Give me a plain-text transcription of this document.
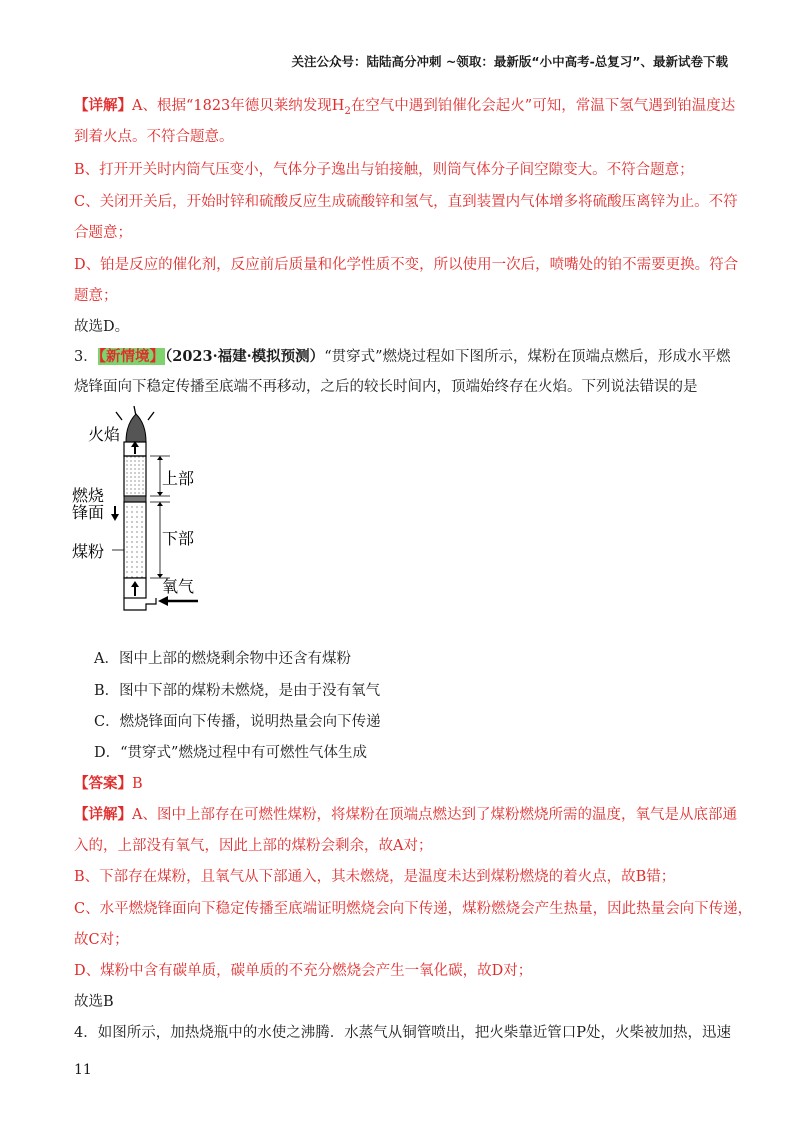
关注公众号：陆陆高分冲刺 ~领取：最新版“小中高考-总复习”、最新试卷下载
【详解】A、根据“1823年德贝莱纳发现$H_2$在空气中遇到铂催化会起火”可知，常温下氢气遇到铂温度达
到着火点。不符合题意。
B、打开开关时内筒气压变小，气体分子逸出与铂接触，则筒气体分子间空隙变大。不符合题意；
C、关闭开关后，开始时锌和硫酸反应生成硫酸锌和氢气，直到装置内气体增多将硫酸压离锌为止。不符
合题意；
D、铂是反应的催化剂，反应前后质量和化学性质不变，所以使用一次后，喷嘴处的铂不需要更换。符合
题意；
故选D。
3．【新情境】（2023·福建·模拟预测）“贯穿式”燃烧过程如下图所示，煤粉在顶端点燃后，形成水平燃
烧锋面向下稳定传播至底端不再移动，之后的较长时间内，顶端始终存在火焰。下列说法错误的是
火焰
上部
燃烧
锋面
下部
煤粉
氧气
A．图中上部的燃烧剩余物中还含有煤粉
B．图中下部的煤粉未燃烧，是由于没有氧气
C．燃烧锋面向下传播，说明热量会向下传递
D．“贯穿式”燃烧过程中有可燃性气体生成
【答案】B
【详解】A、图中上部存在可燃性煤粉，将煤粉在顶端点燃达到了煤粉燃烧所需的温度，氧气是从底部通
入的，上部没有氧气，因此上部的煤粉会剩余，故A对；
B、下部存在煤粉，且氧气从下部通入，其未燃烧，是温度未达到煤粉燃烧的着火点，故B错；
C、水平燃烧锋面向下稳定传播至底端证明燃烧会向下传递，煤粉燃烧会产生热量，因此热量会向下传递，
故C对；
D、煤粉中含有碳单质，碳单质的不充分燃烧会产生一氧化碳，故D对；
故选B
4．如图所示，加热烧瓶中的水使之沸腾．水蒸气从铜管喷出，把火柴靠近管口P处，火柴被加热，迅速
11
